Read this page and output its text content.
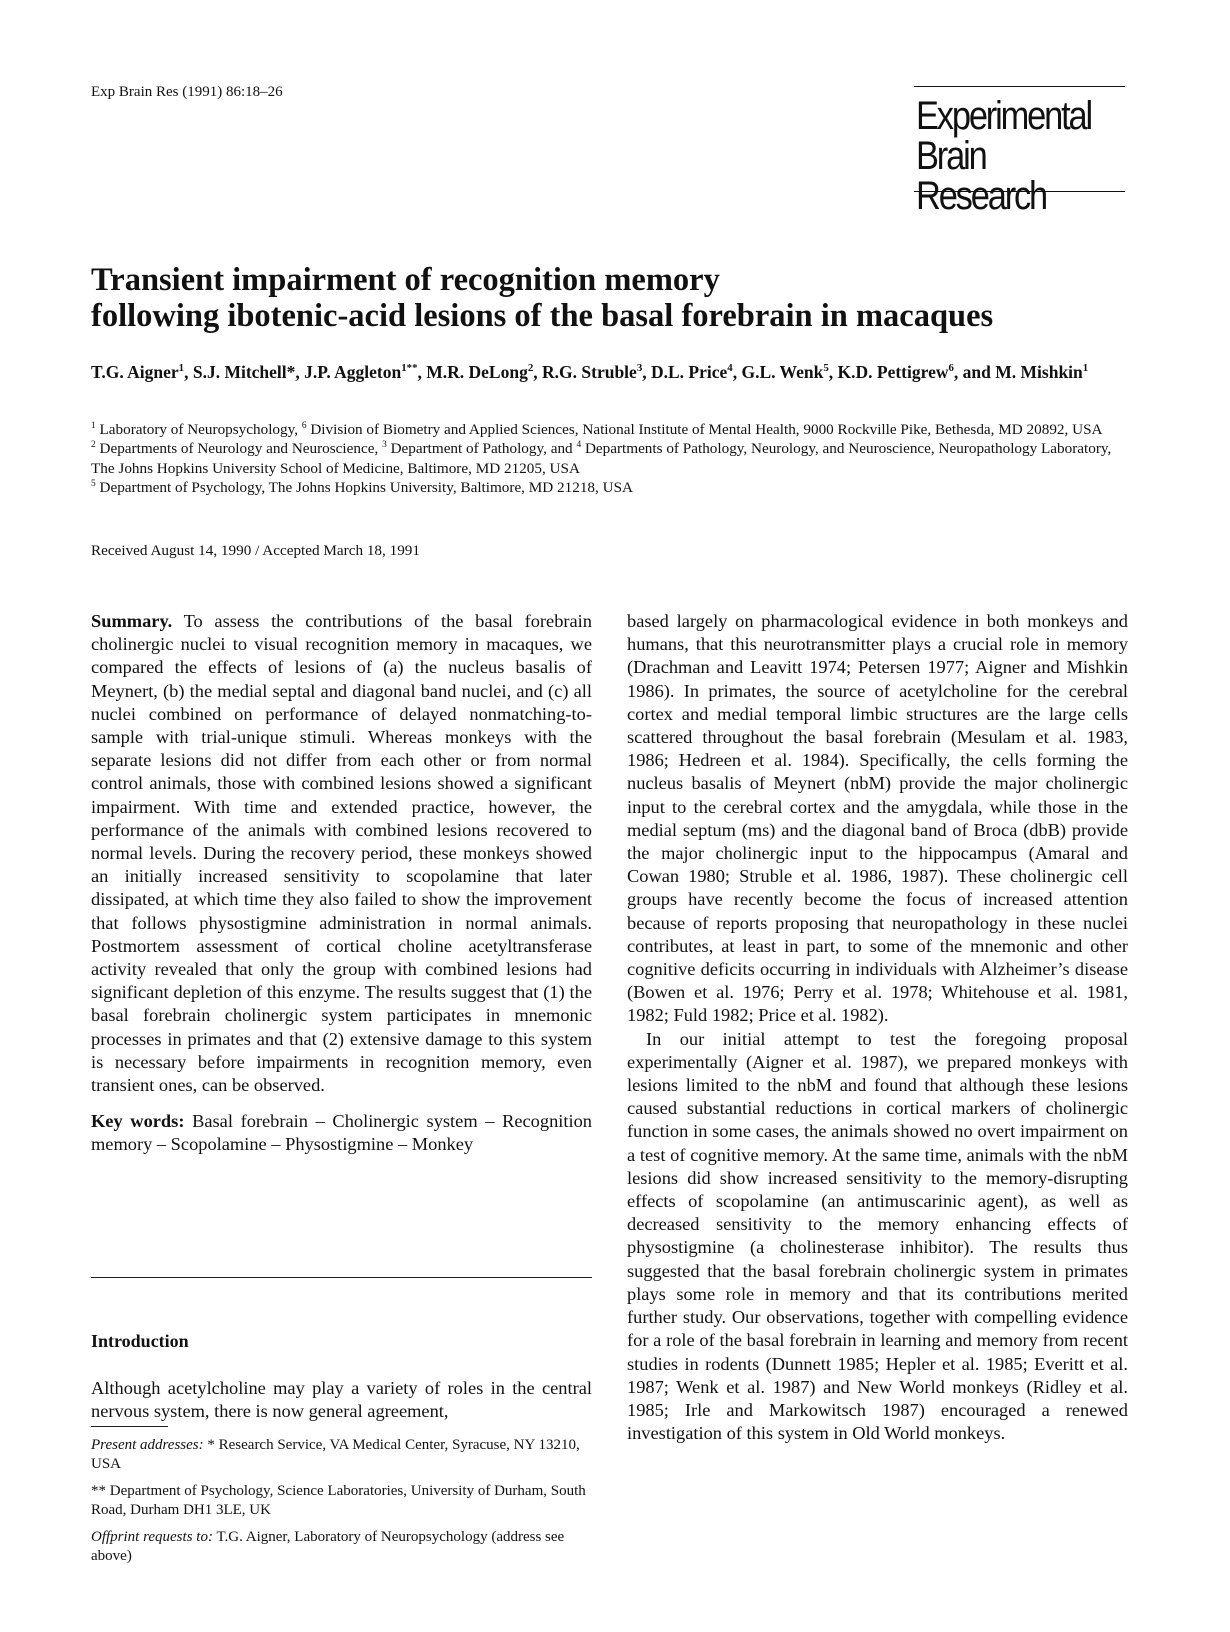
Exp Brain Res (1991) 86:18–26
Experimental
Brain Research
Transient impairment of recognition memory
following ibotenic-acid lesions of the basal forebrain in macaques

T.G. Aigner$^1$, S.J. Mitchell*, J.P. Aggleton$^{1**}$, M.R. DeLong$^2$, R.G. Struble$^3$, D.L. Price$^4$, G.L. Wenk$^5$, K.D. Pettigrew$^6$, and M. Mishkin$^1$

$^1$ Laboratory of Neuropsychology, $^6$ Division of Biometry and Applied Sciences, National Institute of Mental Health, 9000 Rockville Pike, Bethesda, MD 20892, USA
$^2$ Departments of Neurology and Neuroscience, $^3$ Department of Pathology, and $^4$ Departments of Pathology, Neurology, and Neuroscience, Neuropathology Laboratory, The Johns Hopkins University School of Medicine, Baltimore, MD 21205, USA
$^5$ Department of Psychology, The Johns Hopkins University, Baltimore, MD 21218, USA
Received August 14, 1990 / Accepted March 18, 1991

Summary. To assess the contributions of the basal forebrain cholinergic nuclei to visual recognition memory in macaques, we compared the effects of lesions of (a) the nucleus basalis of Meynert, (b) the medial septal and diagonal band nuclei, and (c) all nuclei combined on performance of delayed nonmatching-to-sample with trial-unique stimuli. Whereas monkeys with the separate lesions did not differ from each other or from normal control animals, those with combined lesions showed a significant impairment. With time and extended practice, however, the performance of the animals with combined lesions recovered to normal levels. During the recovery period, these monkeys showed an initially increased sensitivity to scopolamine that later dissipated, at which time they also failed to show the improvement that follows physostigmine administration in normal animals. Postmortem assessment of cortical choline acetyltransferase activity revealed that only the group with combined lesions had significant depletion of this enzyme. The results suggest that (1) the basal forebrain cholinergic system participates in mnemonic processes in primates and that (2) extensive damage to this system is necessary before impairments in recognition memory, even transient ones, can be observed.

Key words: Basal forebrain – Cholinergic system – Recognition memory – Scopolamine – Physostigmine – Monkey

Introduction
Although acetylcholine may play a variety of roles in the central nervous system, there is now general agreement,

Present addresses: * Research Service, VA Medical Center, Syracuse, NY 13210, USA

** Department of Psychology, Science Laboratories, University of Durham, South Road, Durham DH1 3LE, UK

Offprint requests to: T.G. Aigner, Laboratory of Neuropsychology (address see above)

based largely on pharmacological evidence in both monkeys and humans, that this neurotransmitter plays a crucial role in memory (Drachman and Leavitt 1974; Petersen 1977; Aigner and Mishkin 1986). In primates, the source of acetylcholine for the cerebral cortex and medial temporal limbic structures are the large cells scattered throughout the basal forebrain (Mesulam et al. 1983, 1986; Hedreen et al. 1984). Specifically, the cells forming the nucleus basalis of Meynert (nbM) provide the major cholinergic input to the cerebral cortex and the amygdala, while those in the medial septum (ms) and the diagonal band of Broca (dbB) provide the major cholinergic input to the hippocampus (Amaral and Cowan 1980; Struble et al. 1986, 1987). These cholinergic cell groups have recently become the focus of increased attention because of reports proposing that neuropathology in these nuclei contributes, at least in part, to some of the mnemonic and other cognitive deficits occurring in individuals with Alzheimer’s disease (Bowen et al. 1976; Perry et al. 1978; Whitehouse et al. 1981, 1982; Fuld 1982; Price et al. 1982).

In our initial attempt to test the foregoing proposal experimentally (Aigner et al. 1987), we prepared monkeys with lesions limited to the nbM and found that although these lesions caused substantial reductions in cortical markers of cholinergic function in some cases, the animals showed no overt impairment on a test of cognitive memory. At the same time, animals with the nbM lesions did show increased sensitivity to the memory-disrupting effects of scopolamine (an antimuscarinic agent), as well as decreased sensitivity to the memory enhancing effects of physostigmine (a cholinesterase inhibitor). The results thus suggested that the basal forebrain cholinergic system in primates plays some role in memory and that its contributions merited further study. Our observations, together with compelling evidence for a role of the basal forebrain in learning and memory from recent studies in rodents (Dunnett 1985; Hepler et al. 1985; Everitt et al. 1987; Wenk et al. 1987) and New World monkeys (Ridley et al. 1985; Irle and Markowitsch 1987) encouraged a renewed investigation of this system in Old World monkeys.
